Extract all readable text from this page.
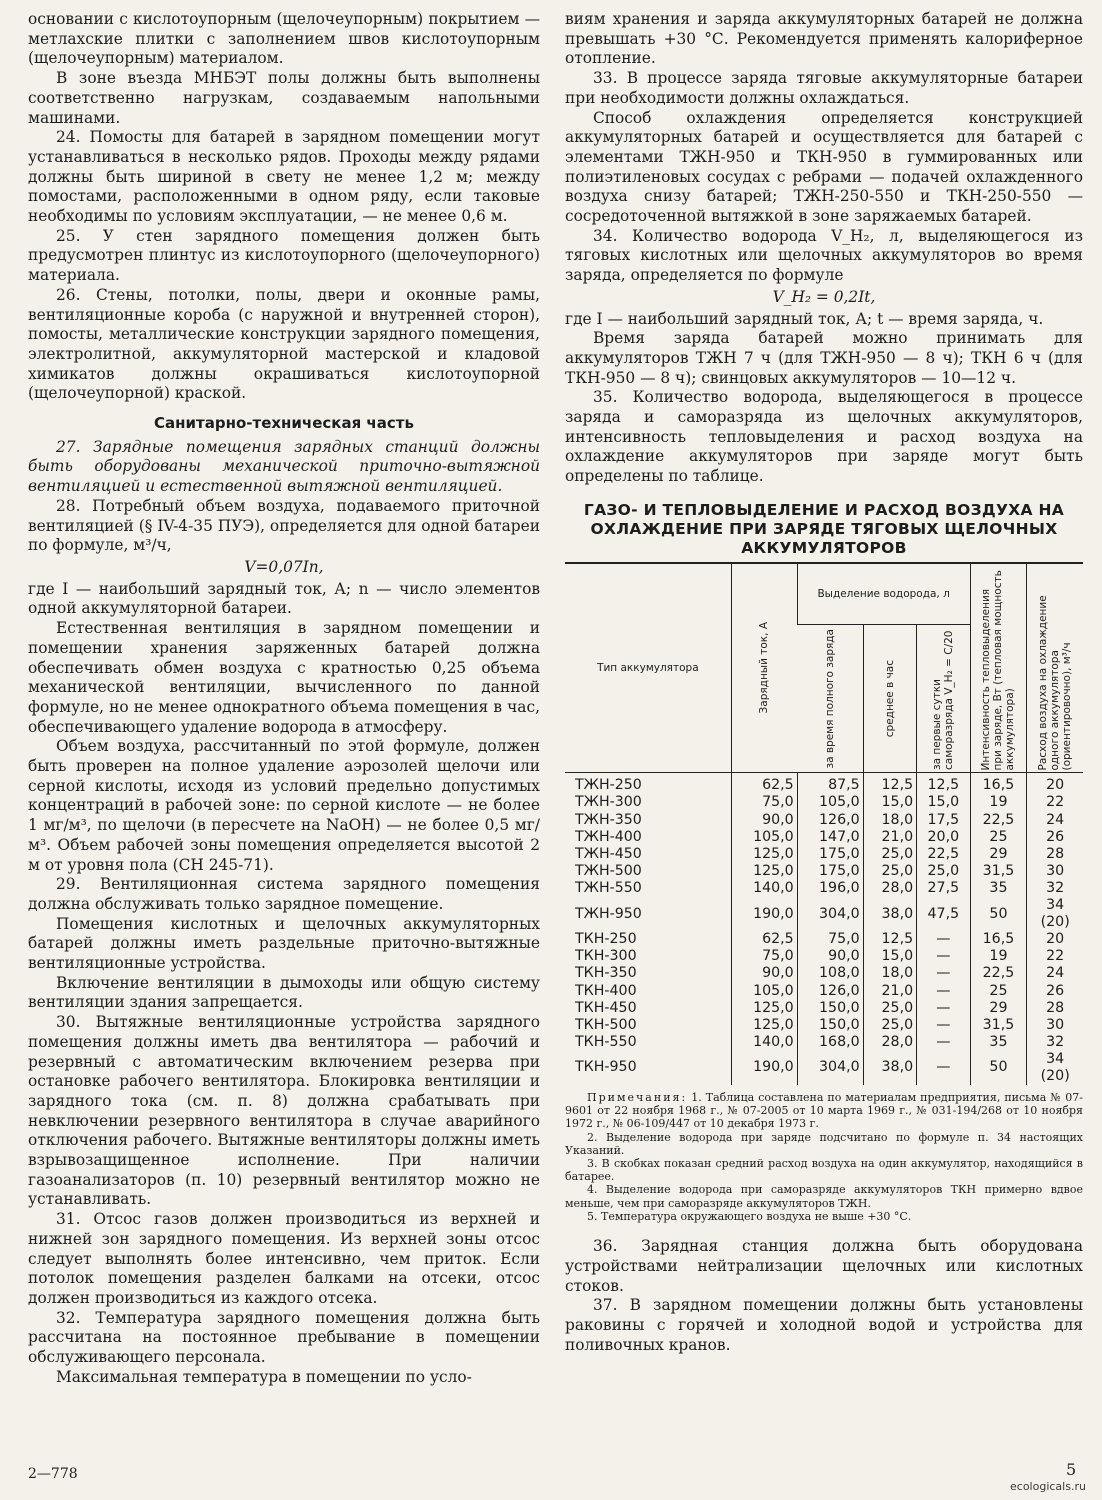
основании с кислотоупорным (щелочеупорным) покрытием — метлахские плитки с заполнением швов кислотоупорным (щелочеупорным) материалом.

В зоне въезда МНБЭТ полы должны быть выполнены соответственно нагрузкам, создаваемым напольными машинами.

24. Помосты для батарей в зарядном помещении могут устанавливаться в несколько рядов. Проходы между рядами должны быть шириной в свету не менее 1,2 м; между помостами, расположенными в одном ряду, если таковые необходимы по условиям эксплуатации, — не менее 0,6 м.

25. У стен зарядного помещения должен быть предусмотрен плинтус из кислотоупорного (щелочеупорного) материала.

26. Стены, потолки, полы, двери и оконные рамы, вентиляционные короба (с наружной и внутренней сторон), помосты, металлические конструкции зарядного помещения, электролитной, аккумуляторной мастерской и кладовой химикатов должны окрашиваться кислотоупорной (щелочеупорной) краской.

Санитарно-техническая часть

27. Зарядные помещения зарядных станций должны быть оборудованы механической приточно-вытяжной вентиляцией и естественной вытяжной вентиляцией.

28. Потребный объем воздуха, подаваемого приточной вентиляцией (§ IV-4-35 ПУЭ), определяется для одной батареи по формуле, м³/ч,

V=0,07In,

где I — наибольший зарядный ток, А; n — число элементов одной аккумуляторной батареи.

Естественная вентиляция в зарядном помещении и помещении хранения заряженных батарей должна обеспечивать обмен воздуха с кратностью 0,25 объема механической вентиляции, вычисленного по данной формуле, но не менее однократного объема помещения в час, обеспечивающего удаление водорода в атмосферу.

Объем воздуха, рассчитанный по этой формуле, должен быть проверен на полное удаление аэрозолей щелочи или серной кислоты, исходя из условий предельно допустимых концентраций в рабочей зоне: по серной кислоте — не более 1 мг/м³, по щелочи (в пересчете на NaOH) — не более 0,5 мг/м³. Объем рабочей зоны помещения определяется высотой 2 м от уровня пола (СН 245-71).

29. Вентиляционная система зарядного помещения должна обслуживать только зарядное помещение.

Помещения кислотных и щелочных аккумуляторных батарей должны иметь раздельные приточно-вытяжные вентиляционные устройства.

Включение вентиляции в дымоходы или общую систему вентиляции здания запрещается.

30. Вытяжные вентиляционные устройства зарядного помещения должны иметь два вентилятора — рабочий и резервный с автоматическим включением резерва при остановке рабочего вентилятора. Блокировка вентиляции и зарядного тока (см. п. 8) должна срабатывать при невключении резервного вентилятора в случае аварийного отключения рабочего. Вытяжные вентиляторы должны иметь взрывозащищенное исполнение. При наличии газоанализаторов (п. 10) резервный вентилятор можно не устанавливать.

31. Отсос газов должен производиться из верхней и нижней зон зарядного помещения. Из верхней зоны отсос следует выполнять более интенсивно, чем приток. Если потолок помещения разделен балками на отсеки, отсос должен производиться из каждого отсека.

32. Температура зарядного помещения должна быть рассчитана на постоянное пребывание в помещении обслуживающего персонала.

Максимальная температура в помещении по усло-

виям хранения и заряда аккумуляторных батарей не должна превышать +30 °С. Рекомендуется применять калориферное отопление.

33. В процессе заряда тяговые аккумуляторные батареи при необходимости должны охлаждаться.

Способ охлаждения определяется конструкцией аккумуляторных батарей и осуществляется для батарей с элементами ТЖН-950 и ТКН-950 в гуммированных или полиэтиленовых сосудах с ребрами — подачей охлажденного воздуха снизу батарей; ТЖН-250-550 и ТКН-250-550 — сосредоточенной вытяжкой в зоне заряжаемых батарей.

34. Количество водорода V_H₂, л, выделяющегося из тяговых кислотных или щелочных аккумуляторов во время заряда, определяется по формуле

V_H₂ = 0,2It,

где I — наибольший зарядный ток, А; t — время заряда, ч.

Время заряда батарей можно принимать для аккумуляторов ТЖН 7 ч (для ТЖН-950 — 8 ч); ТКН 6 ч (для ТКН-950 — 8 ч); свинцовых аккумуляторов — 10—12 ч.

35. Количество водорода, выделяющегося в процессе заряда и саморазряда из щелочных аккумуляторов, интенсивность тепловыделения и расход воздуха на охлаждение аккумуляторов при заряде могут быть определены по таблице.

ГАЗО- И ТЕПЛОВЫДЕЛЕНИЕ И РАСХОД ВОЗДУХА НА ОХЛАЖДЕНИЕ ПРИ ЗАРЯДЕ ТЯГОВЫХ ЩЕЛОЧНЫХ АККУМУЛЯТОРОВ
Тип аккумулятора	Зарядный ток, А	Выделение водорода, л			Интенсивность тепловыделения при заряде, Вт (тепловая мощность аккумулятора)	Расход воздуха на охлаждение одного аккумулятора (ориентировочно), м³/ч

		за время полного заряда	среднее в час	за первые сутки саморазряда V_H₂ = C/20		

ТЖН-250	62,5	87,5	12,5	12,5	16,5	20
ТЖН-300	75,0	105,0	15,0	15,0	19	22
ТЖН-350	90,0	126,0	18,0	17,5	22,5	24
ТЖН-400	105,0	147,0	21,0	20,0	25	26
ТЖН-450	125,0	175,0	25,0	22,5	29	28
ТЖН-500	125,0	175,0	25,0	25,0	31,5	30
ТЖН-550	140,0	196,0	28,0	27,5	35	32
ТЖН-950	190,0	304,0	38,0	47,5	50	34 (20)
ТКН-250	62,5	75,0	12,5	—	16,5	20
ТКН-300	75,0	90,0	15,0	—	19	22
ТКН-350	90,0	108,0	18,0	—	22,5	24
ТКН-400	105,0	126,0	21,0	—	25	26
ТКН-450	125,0	150,0	25,0	—	29	28
ТКН-500	125,0	150,0	25,0	—	31,5	30
ТКН-550	140,0	168,0	28,0	—	35	32
ТКН-950	190,0	304,0	38,0	—	50	34 (20)

Примечания: 1. Таблица составлена по материалам предприятия, письма № 07-9601 от 22 ноября 1968 г., № 07-2005 от 10 марта 1969 г., № 031-194/268 от 10 ноября 1972 г., № 06-109/447 от 10 декабря 1973 г.

2. Выделение водорода при заряде подсчитано по формуле п. 34 настоящих Указаний.

3. В скобках показан средний расход воздуха на один аккумулятор, находящийся в батарее.

4. Выделение водорода при саморазряде аккумуляторов ТКН примерно вдвое меньше, чем при саморазряде аккумуляторов ТЖН.

5. Температура окружающего воздуха не выше +30 °С.

36. Зарядная станция должна быть оборудована устройствами нейтрализации щелочных или кислотных стоков.

37. В зарядном помещении должны быть установлены раковины с горячей и холодной водой и устройства для поливочных кранов.

2—778	5
ecologicals.ru
